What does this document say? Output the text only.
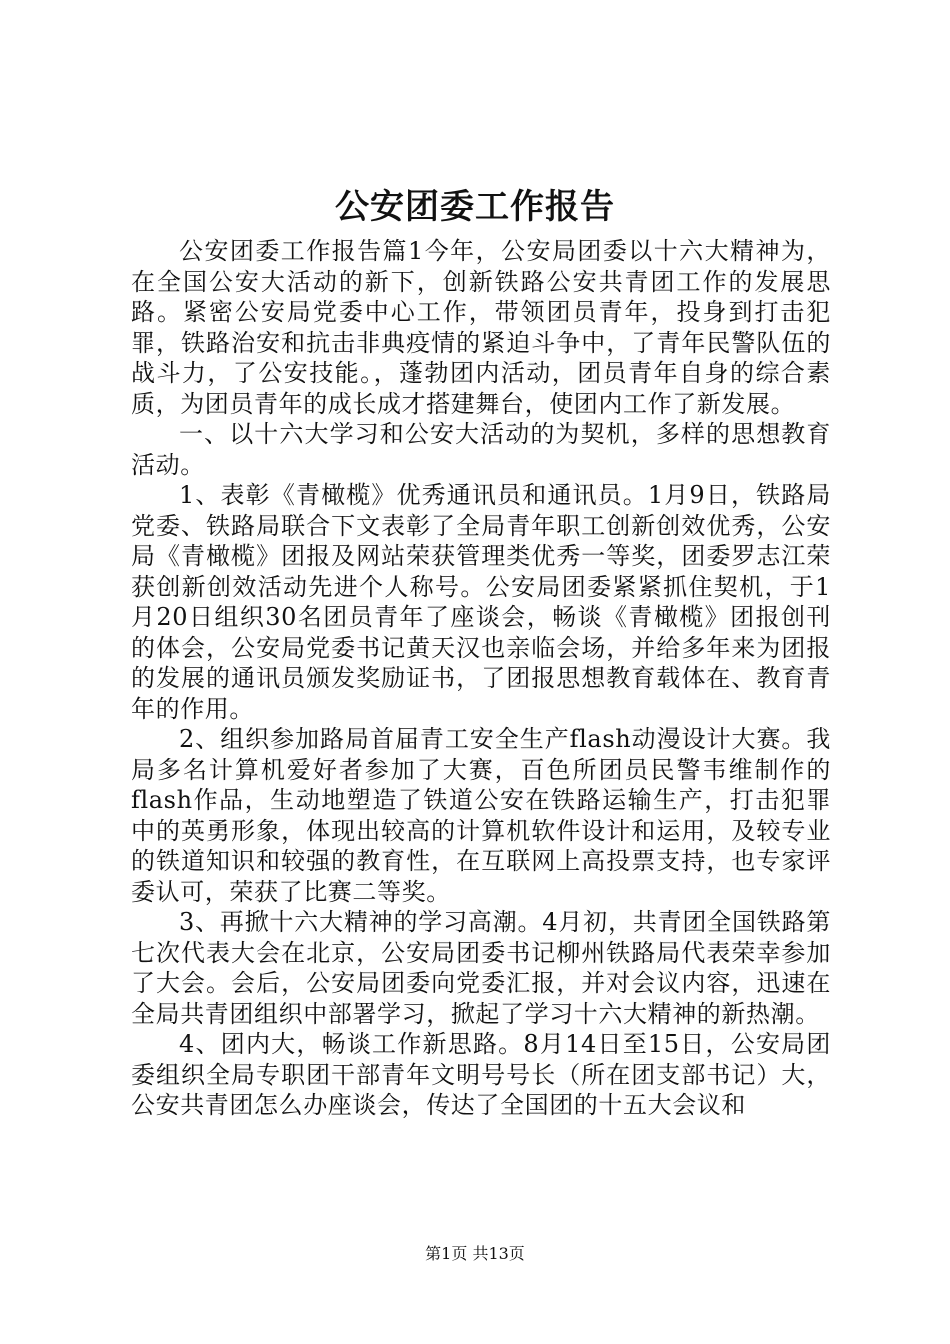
公安团委工作报告

公安团委工作报告篇1今年，公安局团委以十六大精神为，在全国公安大活动的新下，创新铁路公安共青团工作的发展思路。紧密公安局党委中心工作，带领团员青年，投身到打击犯罪，铁路治安和抗击非典疫情的紧迫斗争中，了青年民警队伍的战斗力，了公安技能。，蓬勃团内活动，团员青年自身的综合素质，为团员青年的成长成才搭建舞台，使团内工作了新发展。

一、以十六大学习和公安大活动的为契机，多样的思想教育活动。

1、表彰《青橄榄》优秀通讯员和通讯员。1月9日，铁路局党委、铁路局联合下文表彰了全局青年职工创新创效优秀，公安局《青橄榄》团报及网站荣获管理类优秀一等奖，团委罗志江荣获创新创效活动先进个人称号。公安局团委紧紧抓住契机，于1月20日组织30名团员青年了座谈会，畅谈《青橄榄》团报创刊的体会，公安局党委书记黄天汉也亲临会场，并给多年来为团报的发展的通讯员颁发奖励证书，了团报思想教育载体在、教育青年的作用。

2、组织参加路局首届青工安全生产flash动漫设计大赛。我局多名计算机爱好者参加了大赛，百色所团员民警韦维制作的flash作品，生动地塑造了铁道公安在铁路运输生产，打击犯罪中的英勇形象，体现出较高的计算机软件设计和运用，及较专业的铁道知识和较强的教育性，在互联网上高投票支持，也专家评委认可，荣获了比赛二等奖。

3、再掀十六大精神的学习高潮。4月初，共青团全国铁路第七次代表大会在北京，公安局团委书记柳州铁路局代表荣幸参加了大会。会后，公安局团委向党委汇报，并对会议内容，迅速在全局共青团组织中部署学习，掀起了学习十六大精神的新热潮。

4、团内大，畅谈工作新思路。8月14日至15日，公安局团委组织全局专职团干部青年文明号号长（所在团支部书记）大，公安共青团怎么办座谈会，传达了全国团的十五大会议和

第1页 共13页
